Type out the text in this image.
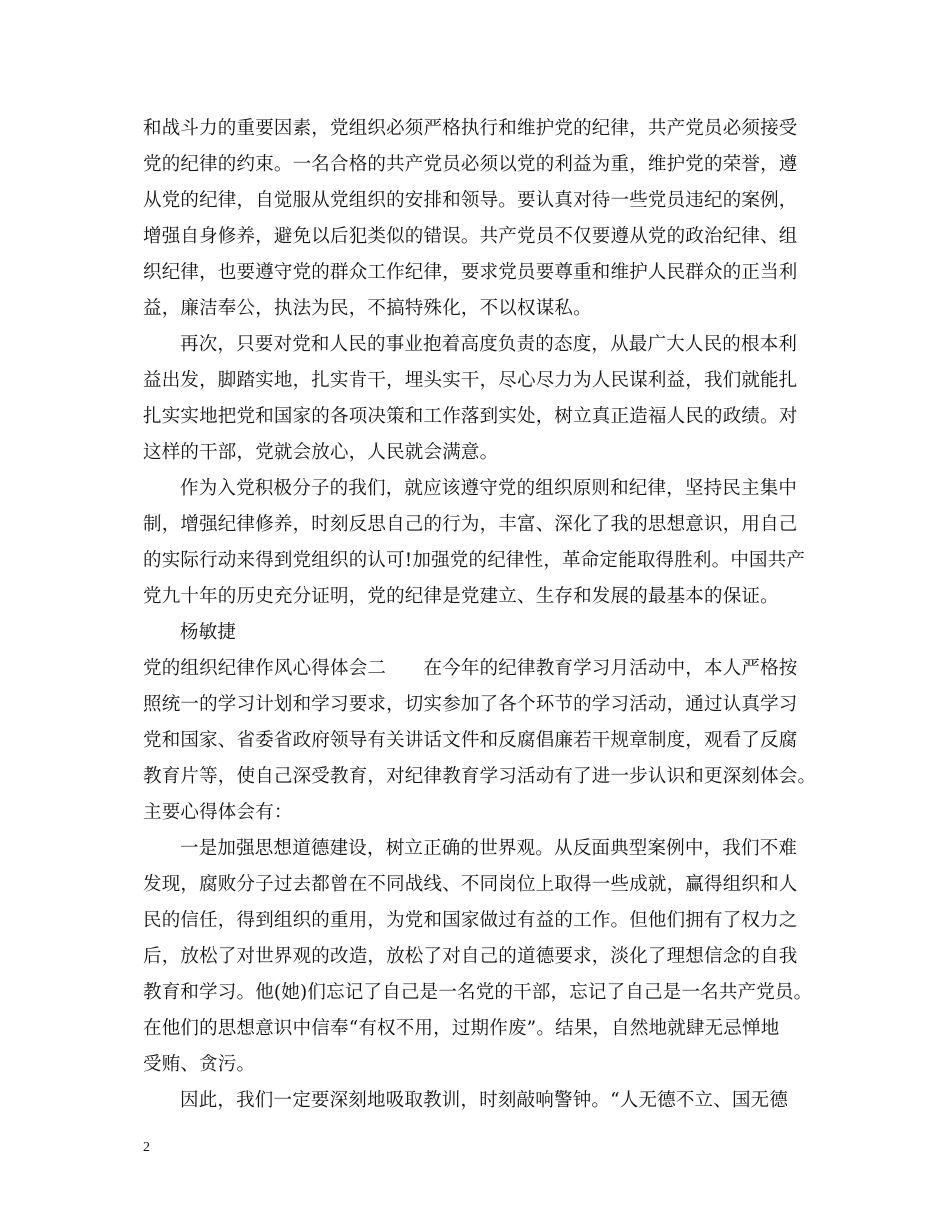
和战斗力的重要因素，党组织必须严格执行和维护党的纪律，共产党员必须接受
党的纪律的约束。一名合格的共产党员必须以党的利益为重，维护党的荣誉，遵
从党的纪律，自觉服从党组织的安排和领导。要认真对待一些党员违纪的案例，
增强自身修养，避免以后犯类似的错误。共产党员不仅要遵从党的政治纪律、组
织纪律，也要遵守党的群众工作纪律，要求党员要尊重和维护人民群众的正当利
益，廉洁奉公，执法为民，不搞特殊化，不以权谋私。
再次，只要对党和人民的事业抱着高度负责的态度，从最广大人民的根本利
益出发，脚踏实地，扎实肯干，埋头实干，尽心尽力为人民谋利益，我们就能扎
扎实实地把党和国家的各项决策和工作落到实处，树立真正造福人民的政绩。对
这样的干部，党就会放心，人民就会满意。
作为入党积极分子的我们，就应该遵守党的组织原则和纪律，坚持民主集中
制，增强纪律修养，时刻反思自己的行为，丰富、深化了我的思想意识，用自己
的实际行动来得到党组织的认可!加强党的纪律性，革命定能取得胜利。中国共产
党九十年的历史充分证明，党的纪律是党建立、生存和发展的最基本的保证。
杨敏捷
党的组织纪律作风心得体会二　　在今年的纪律教育学习月活动中，本人严格按
照统一的学习计划和学习要求，切实参加了各个环节的学习活动，通过认真学习
党和国家、省委省政府领导有关讲话文件和反腐倡廉若干规章制度，观看了反腐
教育片等，使自己深受教育，对纪律教育学习活动有了进一步认识和更深刻体会。
主要心得体会有：
一是加强思想道德建设，树立正确的世界观。从反面典型案例中，我们不难
发现，腐败分子过去都曾在不同战线、不同岗位上取得一些成就，赢得组织和人
民的信任，得到组织的重用，为党和国家做过有益的工作。但他们拥有了权力之
后，放松了对世界观的改造，放松了对自己的道德要求，淡化了理想信念的自我
教育和学习。他(她)们忘记了自己是一名党的干部，忘记了自己是一名共产党员。
在他们的思想意识中信奉“有权不用，过期作废”。结果，自然地就肆无忌惮地
受贿、贪污。
因此，我们一定要深刻地吸取教训，时刻敲响警钟。“人无德不立、国无德
2
